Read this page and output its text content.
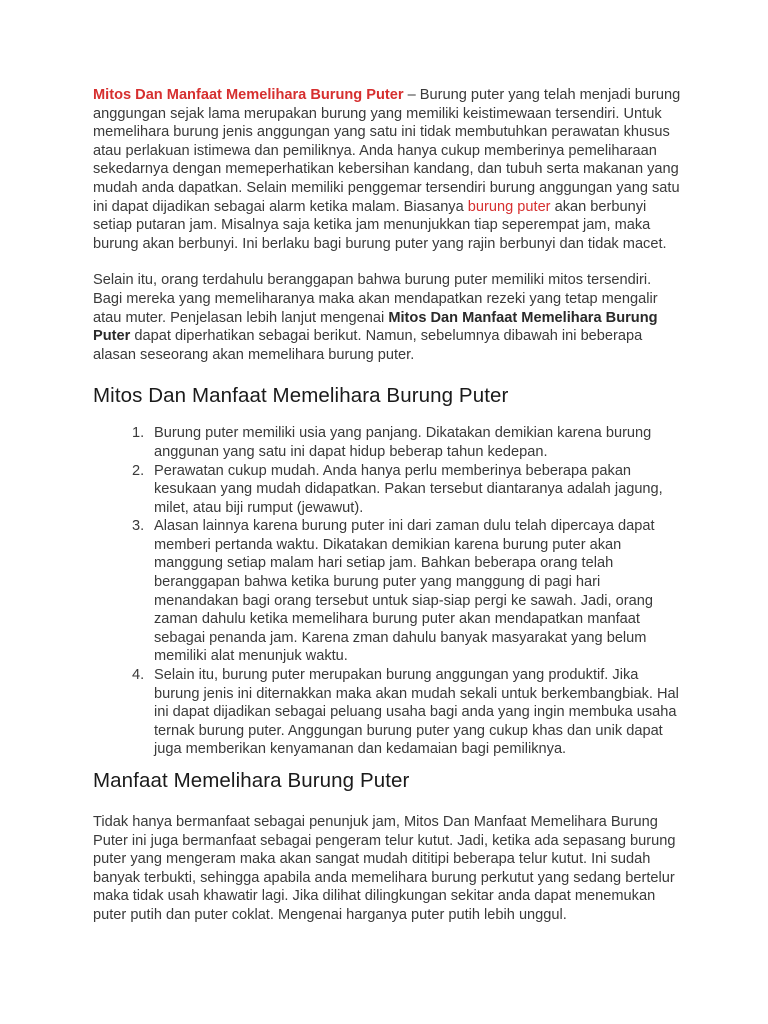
Mitos Dan Manfaat Memelihara Burung Puter – Burung puter yang telah menjadi burung anggungan sejak lama merupakan burung yang memiliki keistimewaan tersendiri. Untuk memelihara burung jenis anggungan yang satu ini tidak membutuhkan perawatan khusus atau perlakuan istimewa dan pemiliknya. Anda hanya cukup memberinya pemeliharaan sekedarnya dengan memeperhatikan kebersihan kandang, dan tubuh serta makanan yang mudah anda dapatkan. Selain memiliki penggemar tersendiri burung anggungan yang satu ini dapat dijadikan sebagai alarm ketika malam. Biasanya burung puter akan berbunyi setiap putaran jam. Misalnya saja ketika jam menunjukkan tiap seperempat jam, maka burung akan berbunyi. Ini berlaku bagi burung puter yang rajin berbunyi dan tidak macet.

Selain itu, orang terdahulu beranggapan bahwa burung puter memiliki mitos tersendiri. Bagi mereka yang memeliharanya maka akan mendapatkan rezeki yang tetap mengalir atau muter. Penjelasan lebih lanjut mengenai Mitos Dan Manfaat Memelihara Burung Puter dapat diperhatikan sebagai berikut. Namun, sebelumnya dibawah ini beberapa alasan seseorang akan memelihara burung puter.

Mitos Dan Manfaat Memelihara Burung Puter
1. Burung puter memiliki usia yang panjang. Dikatakan demikian karena burung anggunan yang satu ini dapat hidup beberap tahun kedepan.
2. Perawatan cukup mudah. Anda hanya perlu memberinya beberapa pakan kesukaan yang mudah didapatkan. Pakan tersebut diantaranya adalah jagung, milet, atau biji rumput (jewawut).
3. Alasan lainnya karena burung puter ini dari zaman dulu telah dipercaya dapat memberi pertanda waktu. Dikatakan demikian karena burung puter akan manggung setiap malam hari setiap jam. Bahkan beberapa orang telah beranggapan bahwa ketika burung puter yang manggung di pagi hari menandakan bagi orang tersebut untuk siap-siap pergi ke sawah. Jadi, orang zaman dahulu ketika memelihara burung puter akan mendapatkan manfaat sebagai penanda jam. Karena zman dahulu banyak masyarakat yang belum memiliki alat menunjuk waktu.
4. Selain itu, burung puter merupakan burung anggungan yang produktif. Jika burung jenis ini diternakkan maka akan mudah sekali untuk berkembangbiak. Hal ini dapat dijadikan sebagai peluang usaha bagi anda yang ingin membuka usaha ternak burung puter. Anggungan burung puter yang cukup khas dan unik dapat juga memberikan kenyamanan dan kedamaian bagi pemiliknya.
Manfaat Memelihara Burung Puter

Tidak hanya bermanfaat sebagai penunjuk jam, Mitos Dan Manfaat Memelihara Burung Puter ini juga bermanfaat sebagai pengeram telur kutut. Jadi, ketika ada sepasang burung puter yang mengeram maka akan sangat mudah dititipi beberapa telur kutut. Ini sudah banyak terbukti, sehingga apabila anda memelihara burung perkutut yang sedang bertelur maka tidak usah khawatir lagi. Jika dilihat dilingkungan sekitar anda dapat menemukan puter putih dan puter coklat. Mengenai harganya puter putih lebih unggul.
